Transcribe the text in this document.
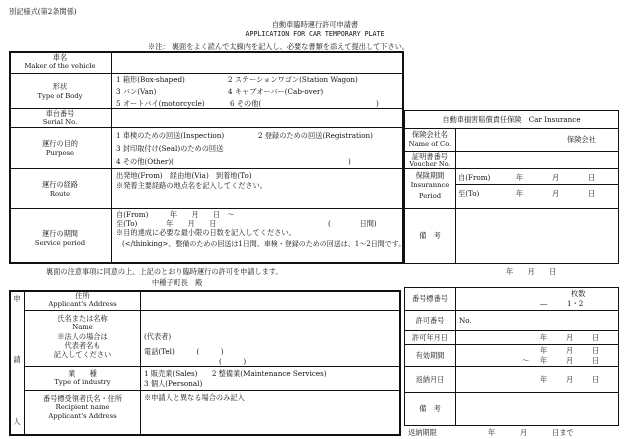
別記様式(第2条関係)
自動車臨時運行許可申請書
APPLICATION FOR CAR TEMPORARY PLATE
※注： 裏面をよく読んで太線内を記入し、必要な書類を添えて提出して下さい。
車名
Maker of the vehicle
形状
Type of Body
1 箱形(Box-shaped)	2 ステーションワゴン(Station Wagon)
3 バン(Van)	4 キャブオーバー(Cab-over)
5 オートバイ(motorcycle)	6 その他(	)
車台番号
Serial No.
運行の目的
Purpose
1 車検のための回送(Inspection)	2 登録のための回送(Registration)
3 封印取付け(Seal)のための回送
4 その他(Other)(	)
運行の経路
Route
出発地(From)　経由地(Via)　到着地(To)
※発着主要経路の地点名を記入してください。
運行の期間
Service period
自(From)　　　年　　月　　日　～
至(To)　　　　年　　月　　日	(　　　　日間)
※目的達成に必要な最小限の日数を記入してください。
(</thinking>、整備のための回送は1日間、車検・登録のための回送は、1～2日間です。)
自動車損害賠償責任保険　Car Insurance
保険会社名
Name of Co.	保険会社
証明書番号
Voucher No.
保険期間
Insurannce
Period
自(From)	年	月	日
至(To)	年	月	日
備　考
裏面の注意事項に同意の上、上記のとおり臨時運行の許可を申請します。	年　　月　　日
中種子町長　殿
申
請
人
住所
Applicant's Address
氏名または名称
Name
※法人の場合は
代表者名も
記入してください
(代表者)
電話(Tel)　　　(　　　)
(　　　)
業　　種
Type of industry
1 販売業(Sales)　　2 整備業(Maintenance Services)
3 個人(Personal)
番号標受領者氏名・住所
Recipient name
Applicant's Address
※申請人と異なる場合のみ記入
番号標番号
枚数
―	1・2
許可番号	No.
許可年月日	年	月	日
有効期間
年	月	日
～ 年	月	日
返納月日	年	月	日
備　考
返納期限	年	月	日まで
